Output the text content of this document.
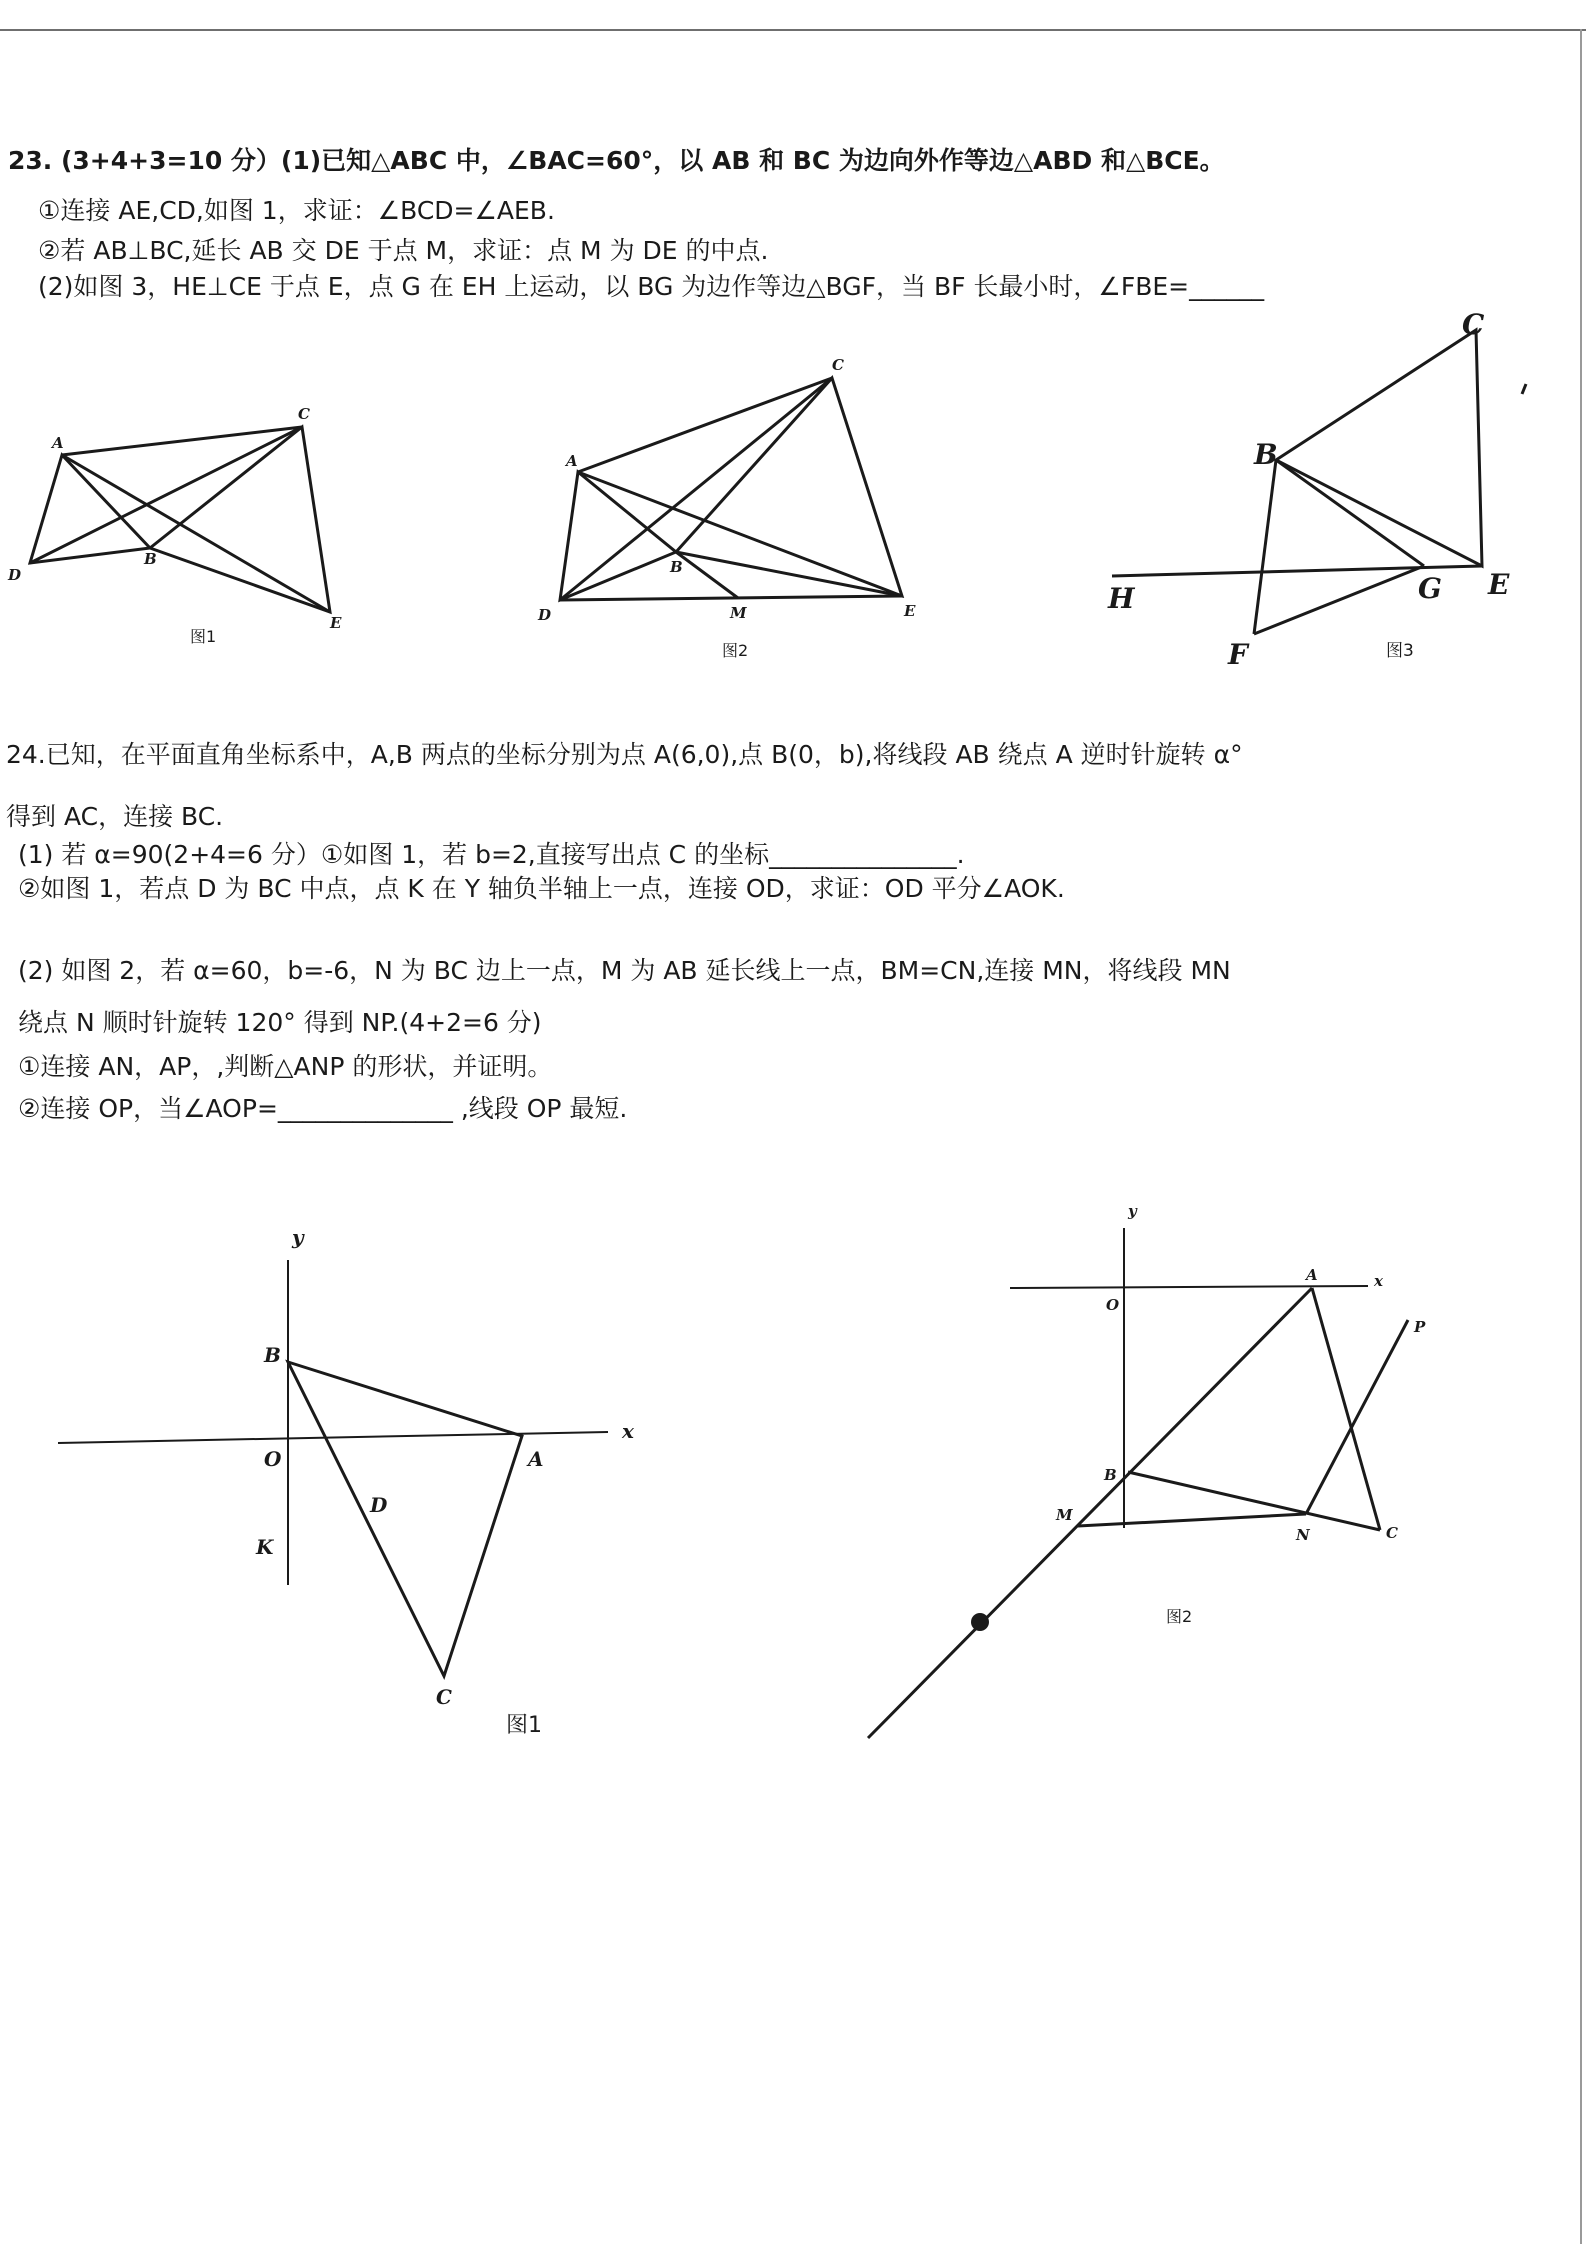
23. (3+4+3=10 分）(1)已知△ABC 中，∠BAC=60°，以 AB 和 BC 为边向外作等边△ABD 和△BCE。
①连接 AE,CD,如图 1，求证：∠BCD=∠AEB.
②若 AB⊥BC,延长 AB 交 DE 于点 M，求证：点 M 为 DE 的中点.
(2)如图 3，HE⊥CE 于点 E，点 G 在 EH 上运动，以 BG 为边作等边△BGF，当 BF 长最小时，∠FBE=______
24.已知，在平面直角坐标系中，A,B 两点的坐标分别为点 A(6,0),点 B(0，b),将线段 AB 绕点 A 逆时针旋转 α°
得到 AC，连接 BC.
(1) 若 α=90(2+4=6 分）①如图 1，若 b=2,直接写出点 C 的坐标_______________.
②如图 1，若点 D 为 BC 中点，点 K 在 Y 轴负半轴上一点，连接 OD，求证：OD 平分∠AOK.
(2) 如图 2，若 α=60，b=-6，N 为 BC 边上一点，M 为 AB 延长线上一点，BM=CN,连接 MN，将线段 MN
绕点 N 顺时针旋转 120° 得到 NP.(4+2=6 分)
①连接 AN，AP，,判断△ANP 的形状，并证明。
②连接 OP，当∠AOP=______________ ,线段 OP 最短.
A
B
C
D
E
图1
A
B
C
D	M	E
图2
C
B
H	G E
F	图3
y
x
B
O	A
D
K
C
图1
y
x
A
O
P
B
M
N	C
图2
